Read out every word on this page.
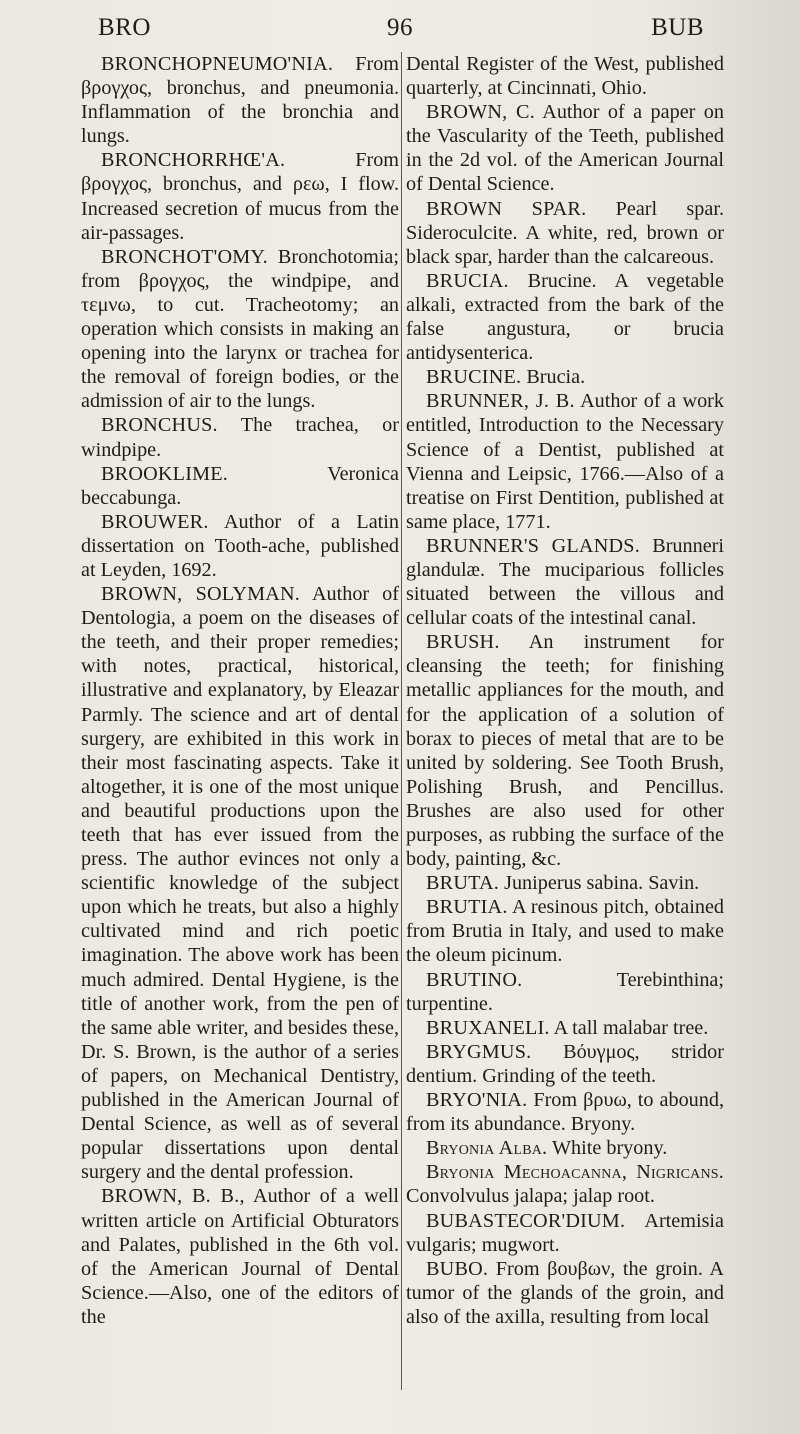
BRO	96	BUB

BRONCHOPNEUMO'NIA. From βρογχος, bronchus, and pneumonia. Inflammation of the bronchia and lungs.

BRONCHORRHŒ'A. From βρογχος, bronchus, and ρεω, I flow. Increased secretion of mucus from the air-passages.

BRONCHOT'OMY. Bronchotomia; from βρογχος, the windpipe, and τεμνω, to cut. Tracheotomy; an operation which consists in making an opening into the larynx or trachea for the removal of foreign bodies, or the admission of air to the lungs.

BRONCHUS. The trachea, or windpipe.

BROOKLIME. Veronica beccabunga.

BROUWER. Author of a Latin dissertation on Tooth-ache, published at Leyden, 1692.

BROWN, SOLYMAN. Author of Dentologia, a poem on the diseases of the teeth, and their proper remedies; with notes, practical, historical, illustrative and explanatory, by Eleazar Parmly. The science and art of dental surgery, are exhibited in this work in their most fascinating aspects. Take it altogether, it is one of the most unique and beautiful productions upon the teeth that has ever issued from the press. The author evinces not only a scientific knowledge of the subject upon which he treats, but also a highly cultivated mind and rich poetic imagination. The above work has been much admired. Dental Hygiene, is the title of another work, from the pen of the same able writer, and besides these, Dr. S. Brown, is the author of a series of papers, on Mechanical Dentistry, published in the American Journal of Dental Science, as well as of several popular dissertations upon dental surgery and the dental profession.

BROWN, B. B., Author of a well written article on Artificial Obturators and Palates, published in the 6th vol. of the American Journal of Dental Science.—Also, one of the editors of the

Dental Register of the West, published quarterly, at Cincinnati, Ohio.

BROWN, C. Author of a paper on the Vascularity of the Teeth, published in the 2d vol. of the American Journal of Dental Science.

BROWN SPAR. Pearl spar. Sideroculcite. A white, red, brown or black spar, harder than the calcareous.

BRUCIA. Brucine. A vegetable alkali, extracted from the bark of the false angustura, or brucia antidysenterica.

BRUCINE. Brucia.

BRUNNER, J. B. Author of a work entitled, Introduction to the Necessary Science of a Dentist, published at Vienna and Leipsic, 1766.—Also of a treatise on First Dentition, published at same place, 1771.

BRUNNER'S GLANDS. Brunneri glandulæ. The muciparious follicles situated between the villous and cellular coats of the intestinal canal.

BRUSH. An instrument for cleansing the teeth; for finishing metallic appliances for the mouth, and for the application of a solution of borax to pieces of metal that are to be united by soldering. See Tooth Brush, Polishing Brush, and Pencillus. Brushes are also used for other purposes, as rubbing the surface of the body, painting, &c.

BRUTA. Juniperus sabina. Savin.

BRUTIA. A resinous pitch, obtained from Brutia in Italy, and used to make the oleum picinum.

BRUTINO. Terebinthina; turpentine.

BRUXANELI. A tall malabar tree.

BRYGMUS. Βόυγμος, stridor dentium. Grinding of the teeth.

BRYO'NIA. From βρυω, to abound, from its abundance. Bryony.

Bryonia Alba. White bryony.

Bryonia Mechoacanna, Nigricans. Convolvulus jalapa; jalap root.

BUBASTECOR'DIUM. Artemisia vulgaris; mugwort.

BUBO. From βουβων, the groin. A tumor of the glands of the groin, and also of the axilla, resulting from local
